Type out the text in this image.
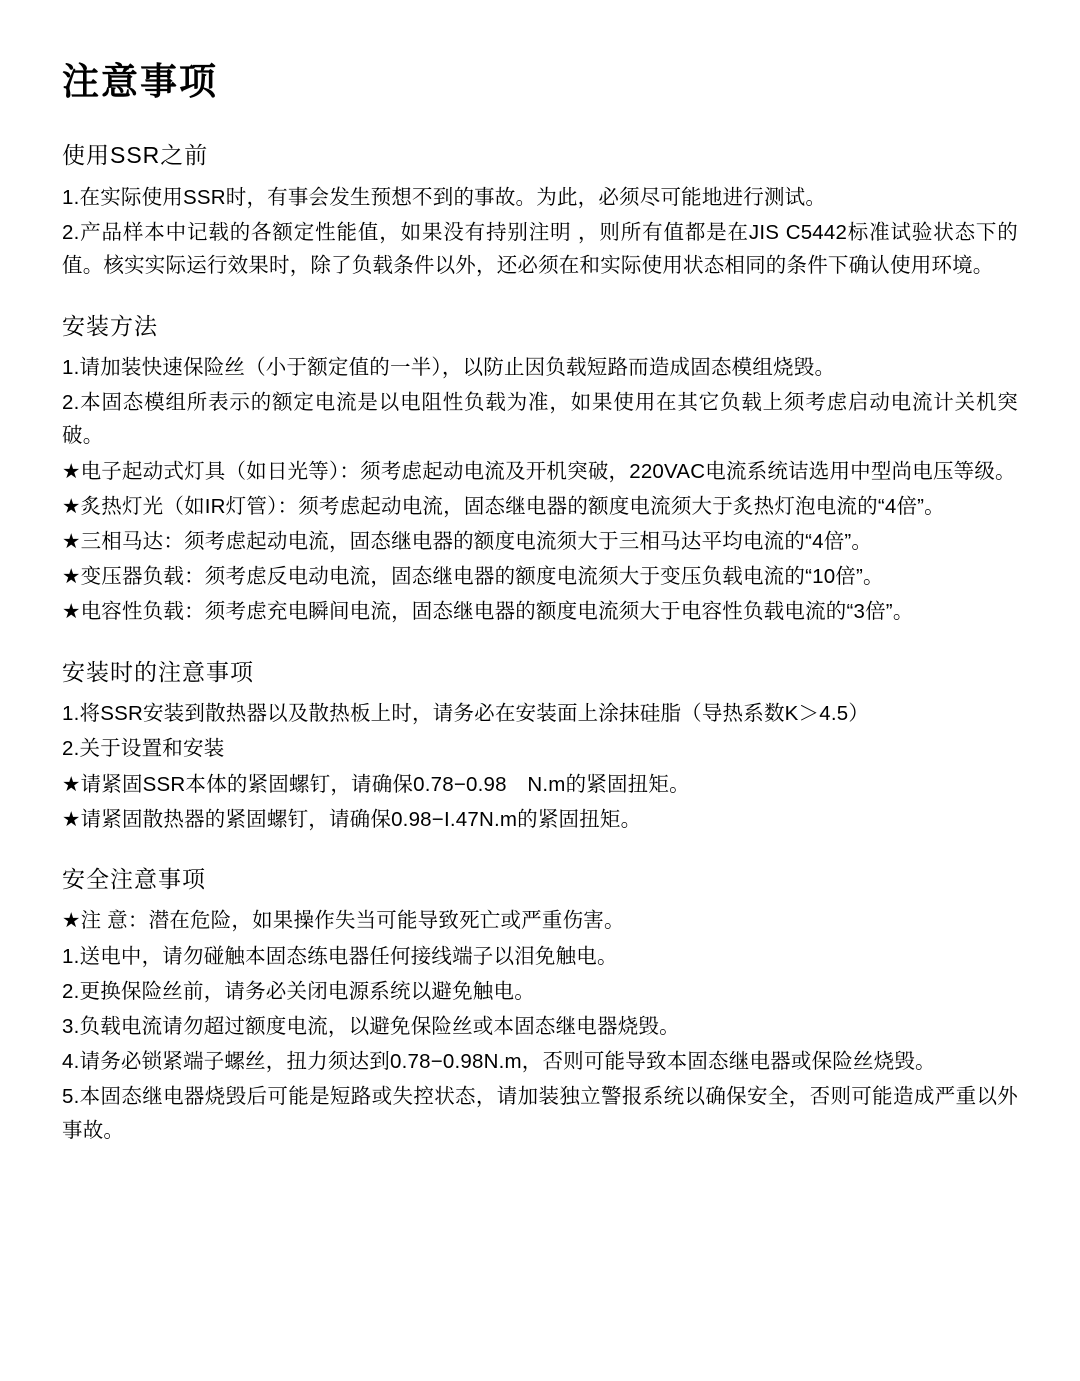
注意事项
使用SSR之前

1.在实际使用SSR时，有事会发生预想不到的事故。为此，必须尽可能地进行测试。

2.产品样本中记载的各额定性能值，如果没有持别注明 ，则所有值都是在JIS C5442标准试验状态下的值。核实实际运行效果时，除了负载条件以外，还必须在和实际使用状态相同的条件下确认使用环境。

安装方法

1.请加装快速保险丝（小于额定值的一半），以防止因负载短路而造成固态模组烧毁。

2.本固态模组所表示的额定电流是以电阻性负载为准，如果使用在其它负载上须考虑启动电流计关机突破。

★电子起动式灯具（如日光等）：须考虑起动电流及开机突破，220VAC电流系统诘选用中型尚电压等级。

★炙热灯光（如IR灯管）：须考虑起动电流，固态继电器的额度电流须大于炙热灯泡电流的“4倍”。

★三相马达：须考虑起动电流，固态继电器的额度电流须大于三相马达平均电流的“4倍”。

★变压器负载：须考虑反电动电流，固态继电器的额度电流须大于变压负载电流的“10倍”。

★电容性负载：须考虑充电瞬间电流，固态继电器的额度电流须大于电容性负载电流的“3倍”。

安装时的注意事项

1.将SSR安装到散热器以及散热板上时，请务必在安装面上涂抹硅脂（导热系数K＞4.5）

2.关于设置和安装

★请紧固SSR本体的紧固螺钉，请确保0.78−0.98　N.m的紧固扭矩。

★请紧固散热器的紧固螺钉，请确保0.98−I.47N.m的紧固扭矩。

安全注意事项

★注 意：潜在危险，如果操作失当可能导致死亡或严重伤害。

1.送电中，请勿碰触本固态练电器任何接线端子以泪免触电。

2.更换保险丝前，请务必关闭电源系统以避免触电。

3.负载电流请勿超过额度电流，以避免保险丝或本固态继电器烧毁。

4.请务必锁紧端子螺丝，扭力须达到0.78−0.98N.m，否则可能导致本固态继电器或保险丝烧毁。

5.本固态继电器烧毁后可能是短路或失控状态，请加装独立警报系统以确保安全，否则可能造成严重以外事故。
